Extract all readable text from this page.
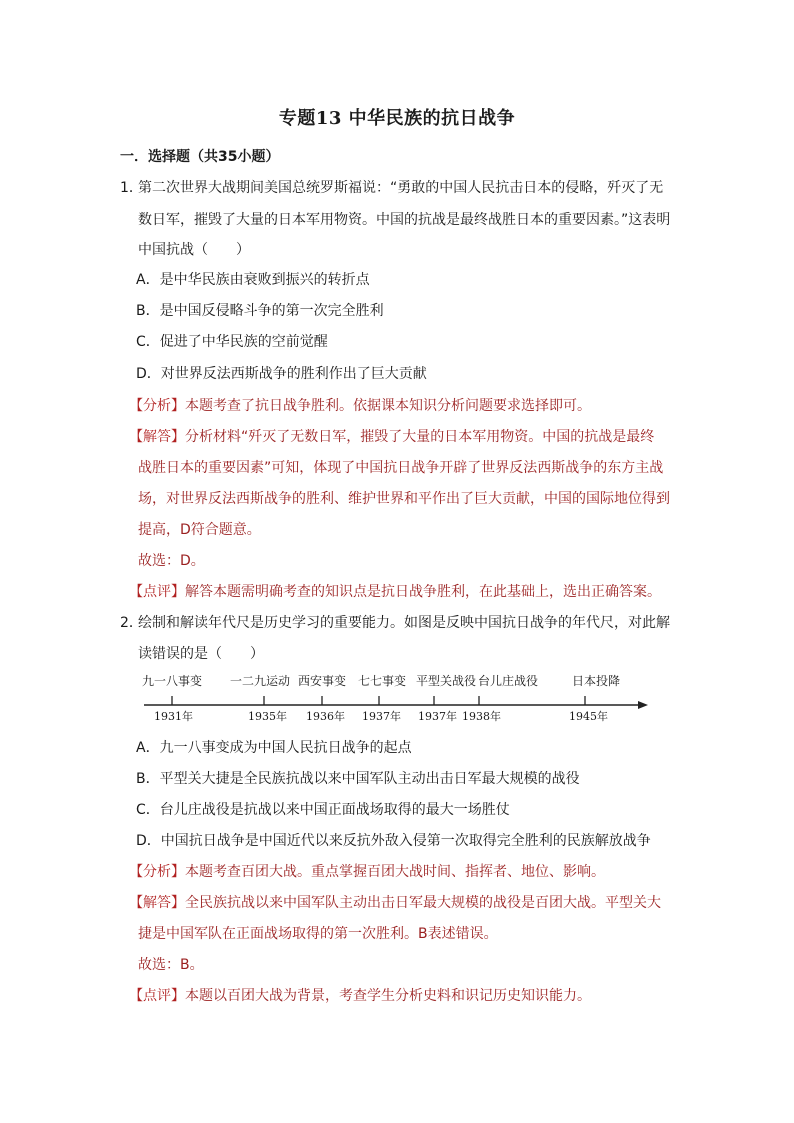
专题13 中华民族的抗日战争
一．选择题（共35小题）
1．
第二次世界大战期间美国总统罗斯福说：“勇敢的中国人民抗击日本的侵略，歼灭了无
数日军，摧毁了大量的日本军用物资。中国的抗战是最终战胜日本的重要因素。”这表明
中国抗战（　　）
A．是中华民族由衰败到振兴的转折点
B．是中国反侵略斗争的第一次完全胜利
C．促进了中华民族的空前觉醒
D．对世界反法西斯战争的胜利作出了巨大贡献
【分析】本题考查了抗日战争胜利。依据课本知识分析问题要求选择即可。
【解答】分析材料“歼灭了无数日军，摧毁了大量的日本军用物资。中国的抗战是最终
战胜日本的重要因素”可知，体现了中国抗日战争开辟了世界反法西斯战争的东方主战
场，对世界反法西斯战争的胜利、维护世界和平作出了巨大贡献，中国的国际地位得到
提高，D符合题意。
故选：D。
【点评】解答本题需明确考查的知识点是抗日战争胜利，在此基础上，选出正确答案。
2．
绘制和解读年代尺是历史学习的重要能力。如图是反映中国抗日战争的年代尺，对此解
读错误的是（　　）
九一八事变 一二九运动 西安事变 七七事变 平型关战役 台儿庄战役	日本投降
1931年	1935年 1936年 1937年 1937年 1938年	1945年
A．九一八事变成为中国人民抗日战争的起点
B．平型关大捷是全民族抗战以来中国军队主动出击日军最大规模的战役
C．台儿庄战役是抗战以来中国正面战场取得的最大一场胜仗
D．中国抗日战争是中国近代以来反抗外敌入侵第一次取得完全胜利的民族解放战争
【分析】本题考查百团大战。重点掌握百团大战时间、指挥者、地位、影响。
【解答】全民族抗战以来中国军队主动出击日军最大规模的战役是百团大战。平型关大
捷是中国军队在正面战场取得的第一次胜利。B表述错误。
故选：B。
【点评】本题以百团大战为背景，考查学生分析史料和识记历史知识能力。
